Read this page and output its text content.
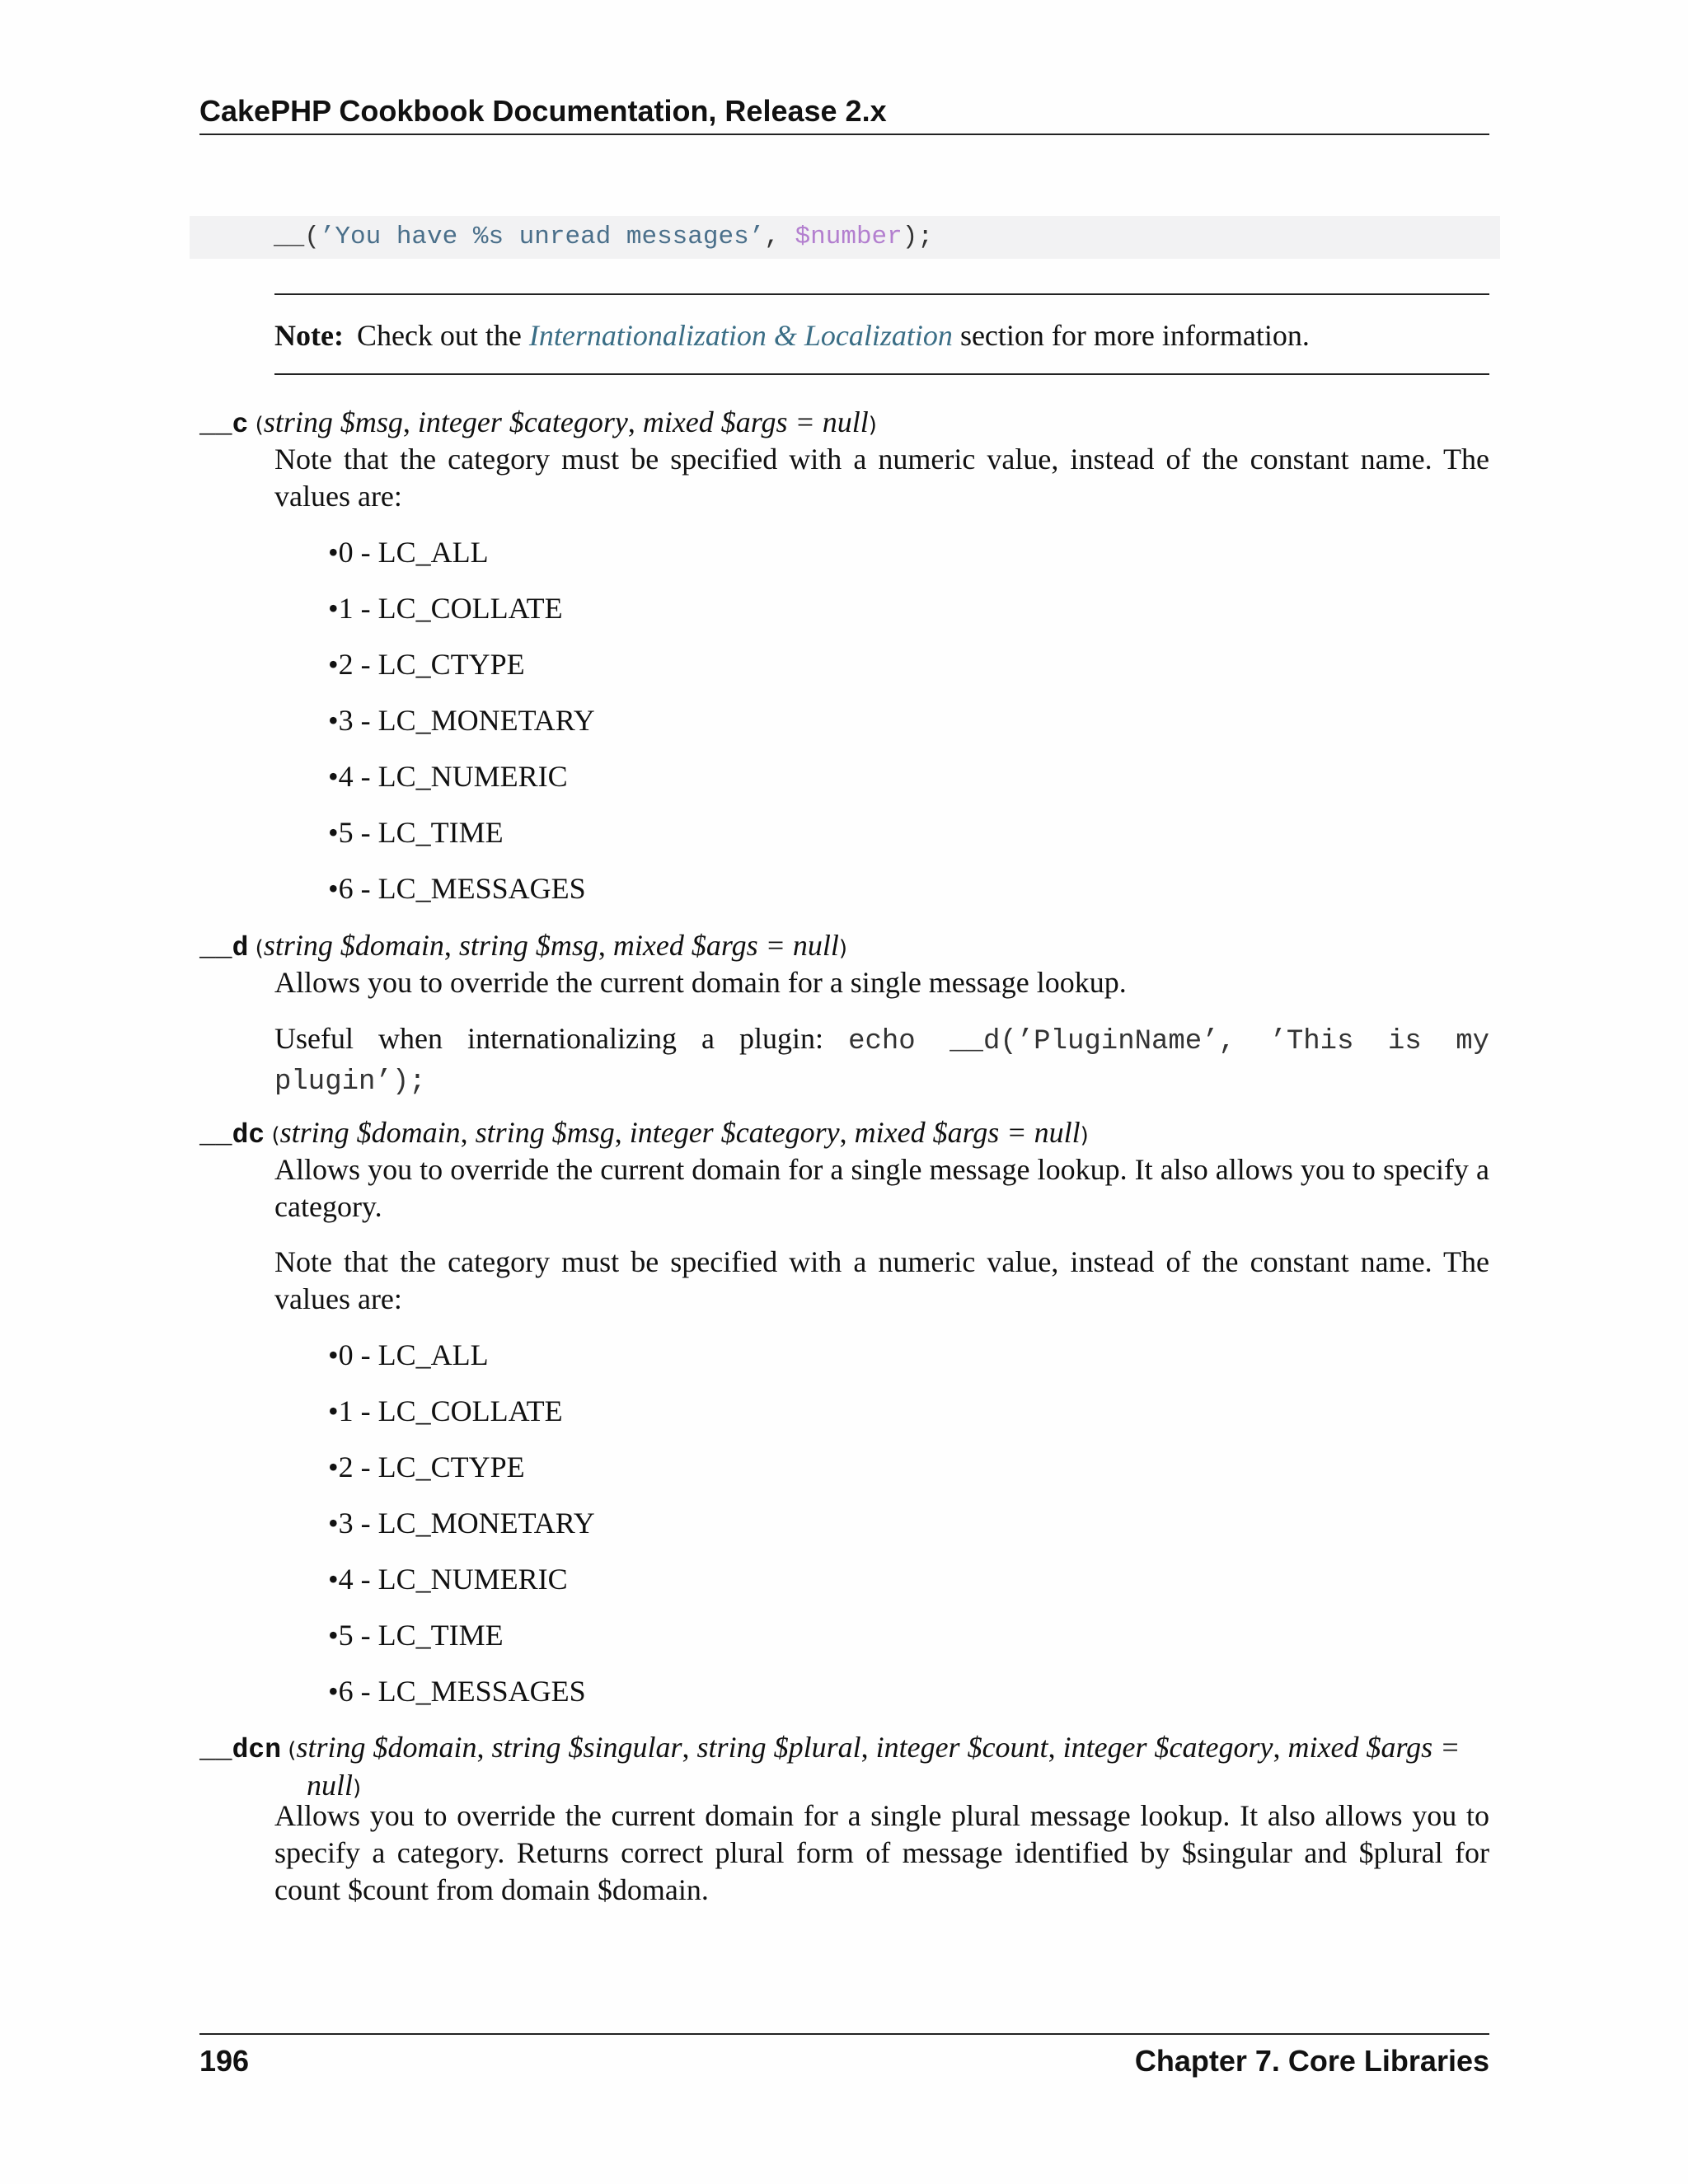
CakePHP Cookbook Documentation, Release 2.x
__(’You have %s unread messages’, $number);
Note: Check out the Internationalization & Localization section for more information.
__c (string $msg, integer $category, mixed $args = null)
Note that the category must be specified with a numeric value, instead of the constant name. The values are:
•0 - LC_ALL
•1 - LC_COLLATE
•2 - LC_CTYPE
•3 - LC_MONETARY
•4 - LC_NUMERIC
•5 - LC_TIME
•6 - LC_MESSAGES
__d (string $domain, string $msg, mixed $args = null)
Allows you to override the current domain for a single message lookup.
Useful when internationalizing a plugin: echo __d(’PluginName’, ’This is my plugin’);
__dc (string $domain, string $msg, integer $category, mixed $args = null)
Allows you to override the current domain for a single message lookup. It also allows you to specify a category.
Note that the category must be specified with a numeric value, instead of the constant name. The values are:
•0 - LC_ALL
•1 - LC_COLLATE
•2 - LC_CTYPE
•3 - LC_MONETARY
•4 - LC_NUMERIC
•5 - LC_TIME
•6 - LC_MESSAGES
__dcn (string $domain, string $singular, string $plural, integer $count, integer $category, mixed $args = null)
Allows you to override the current domain for a single plural message lookup. It also allows you to specify a category. Returns correct plural form of message identified by $singular and $plural for count $count from domain $domain.
196	Chapter 7. Core Libraries
